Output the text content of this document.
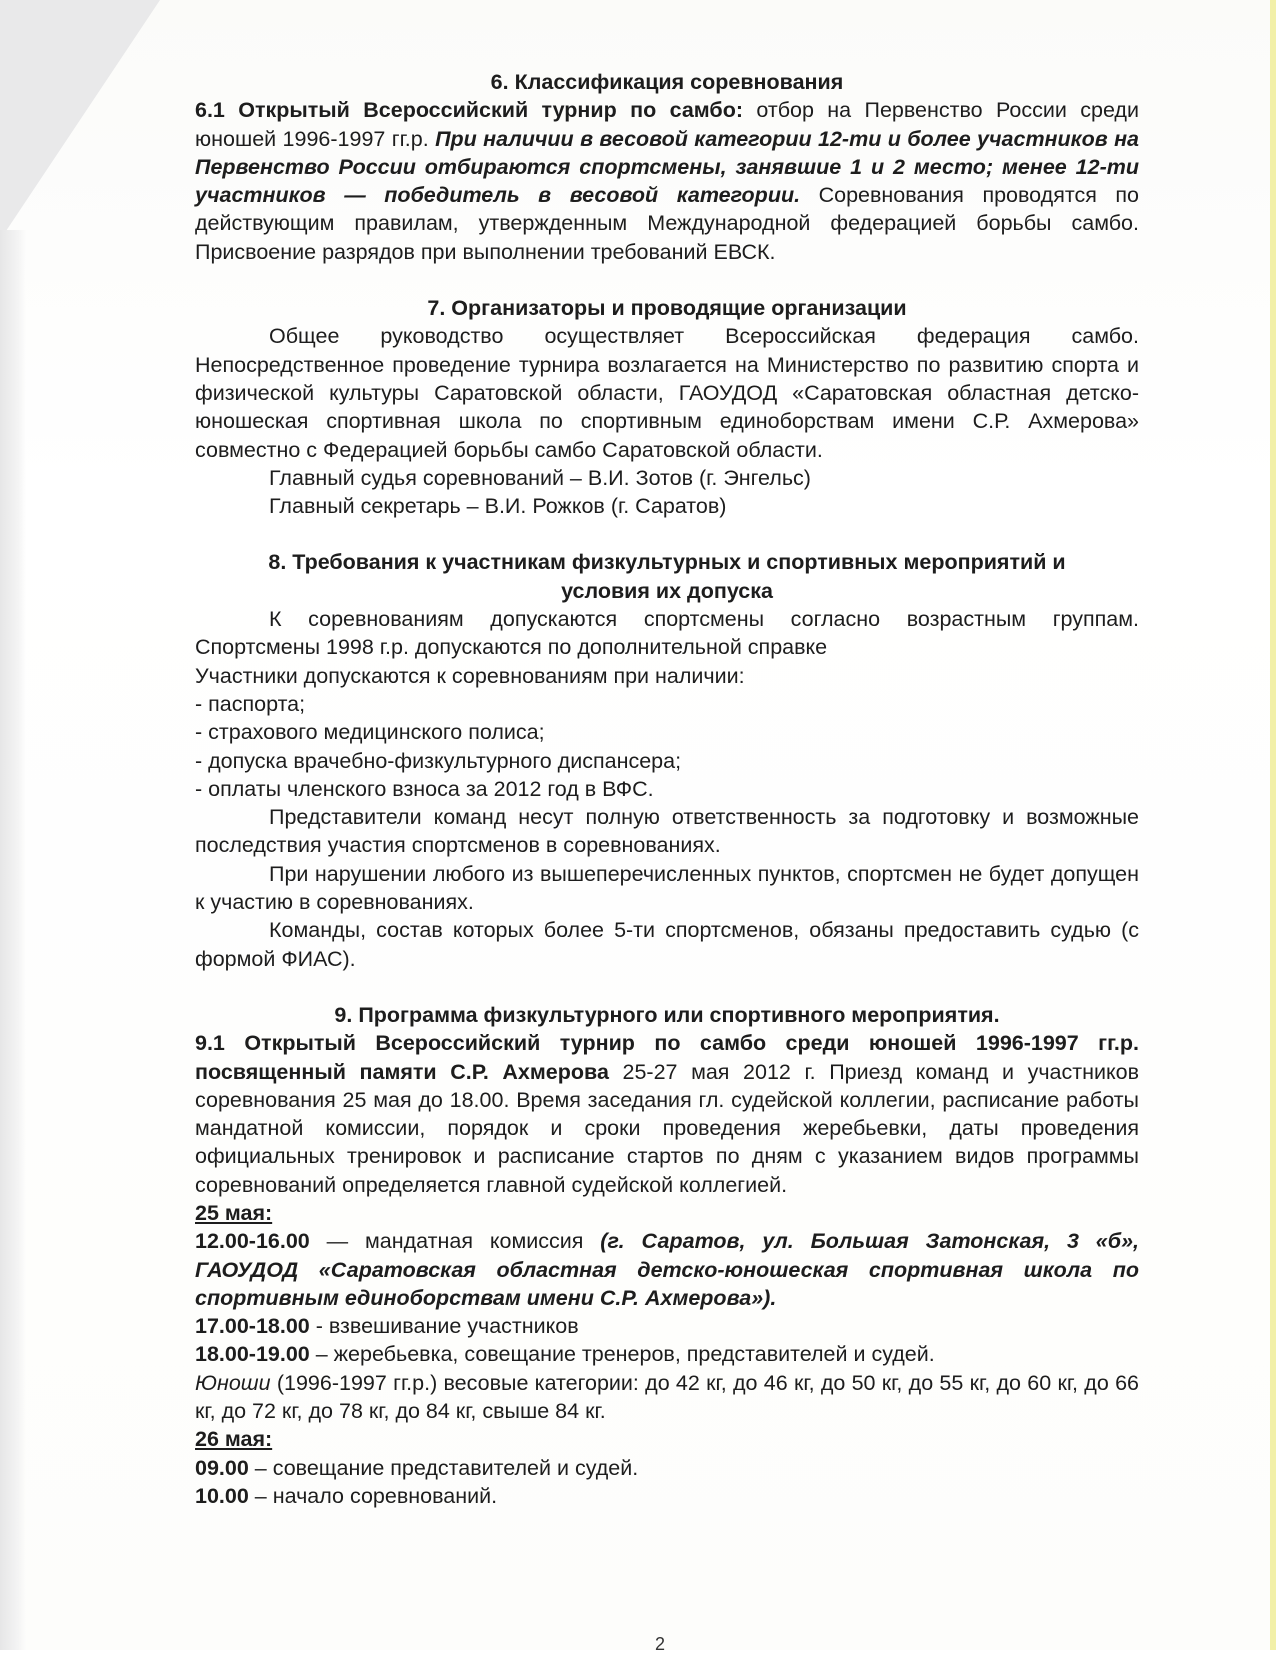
6. Классификация соревнования

6.1 Открытый Всероссийский турнир по самбо: отбор на Первенство России среди юношей 1996-1997 гг.р. При наличии в весовой категории 12-ти и более участников на Первенство России отбираются спортсмены, занявшие 1 и 2 место; менее 12-ти участников — победитель в весовой категории. Соревнования проводятся по действующим правилам, утвержденным Международной федерацией борьбы самбо. Присвоение разрядов при выполнении требований ЕВСК.

7. Организаторы и проводящие организации

Общее руководство осуществляет Всероссийская федерация самбо. Непосредственное проведение турнира возлагается на Министерство по развитию спорта и физической культуры Саратовской области, ГАОУДОД «Саратовская областная детско-юношеская спортивная школа по спортивным единоборствам имени С.Р. Ахмерова» совместно с Федерацией борьбы самбо Саратовской области.

Главный судья соревнований – В.И. Зотов (г. Энгельс)

Главный секретарь – В.И. Рожков (г. Саратов)

8. Требования к участникам физкультурных и спортивных мероприятий и
условия их допуска

К соревнованиям допускаются спортсмены согласно возрастным группам. Спортсмены 1998 г.р. допускаются по дополнительной справке

Участники допускаются к соревнованиям при наличии:

- паспорта;

- страхового медицинского полиса;

- допуска врачебно-физкультурного диспансера;

- оплаты членского взноса за 2012 год в ВФС.

Представители команд несут полную ответственность за подготовку и возможные последствия участия спортсменов в соревнованиях.

При нарушении любого из вышеперечисленных пунктов, спортсмен не будет допущен к участию в соревнованиях.

Команды, состав которых более 5-ти спортсменов, обязаны предоставить судью (с формой ФИАС).

9. Программа физкультурного или спортивного мероприятия.

9.1 Открытый Всероссийский турнир по самбо среди юношей 1996-1997 гг.р. посвященный памяти С.Р. Ахмерова 25-27 мая 2012 г. Приезд команд и участников соревнования 25 мая до 18.00. Время заседания гл. судейской коллегии, расписание работы мандатной комиссии, порядок и сроки проведения жеребьевки, даты проведения официальных тренировок и расписание стартов по дням с указанием видов программы соревнований определяется главной судейской коллегией.

25 мая:

12.00-16.00 — мандатная комиссия (г. Саратов, ул. Большая Затонская, 3 «б», ГАОУДОД «Саратовская областная детско-юношеская спортивная школа по спортивным единоборствам имени С.Р. Ахмерова»).

17.00-18.00 - взвешивание участников

18.00-19.00 – жеребьевка, совещание тренеров, представителей и судей.

Юноши (1996-1997 гг.р.) весовые категории: до 42 кг, до 46 кг, до 50 кг, до 55 кг, до 60 кг, до 66 кг, до 72 кг, до 78 кг, до 84 кг, свыше 84 кг.

26 мая:

09.00 – совещание представителей и судей.

10.00 – начало соревнований.

2
